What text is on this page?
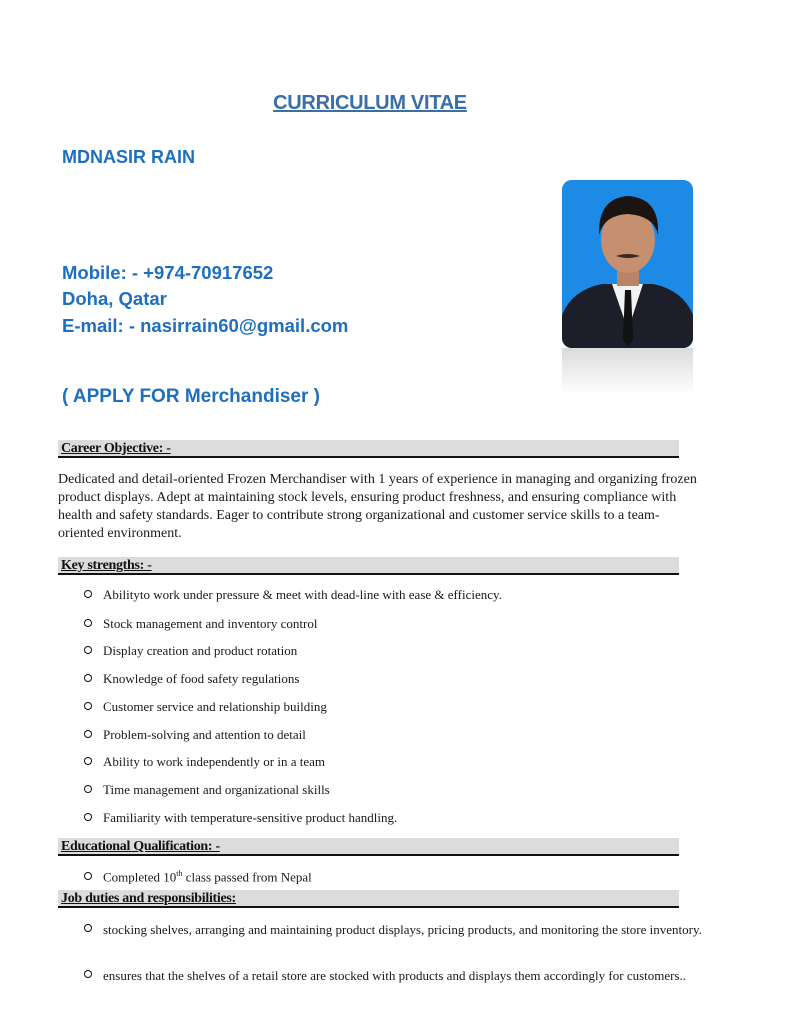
CURRICULUM VITAE
MDNASIR RAIN
Mobile: - +974-70917652
Doha, Qatar
E-mail: - nasirrain60@gmail.com
( APPLY FOR Merchandiser )
Career Objective: -
Dedicated and detail-oriented Frozen Merchandiser with 1 years of experience in managing and organizing frozen product displays. Adept at maintaining stock levels, ensuring product freshness, and ensuring compliance with health and safety standards. Eager to contribute strong organizational and customer service skills to a team-oriented environment.
Key strengths: -
Abilityto work under pressure & meet with dead-line with ease & efficiency.
Stock management and inventory control
Display creation and product rotation
Knowledge of food safety regulations
Customer service and relationship building
Problem-solving and attention to detail
Ability to work independently or in a team
Time management and organizational skills
Familiarity with temperature-sensitive product handling.
Educational Qualification: -
Completed 10th class passed from Nepal
Job duties and responsibilities:
stocking shelves, arranging and maintaining product displays, pricing products, and monitoring the store inventory.
ensures that the shelves of a retail store are stocked with products and displays them accordingly for customers..
